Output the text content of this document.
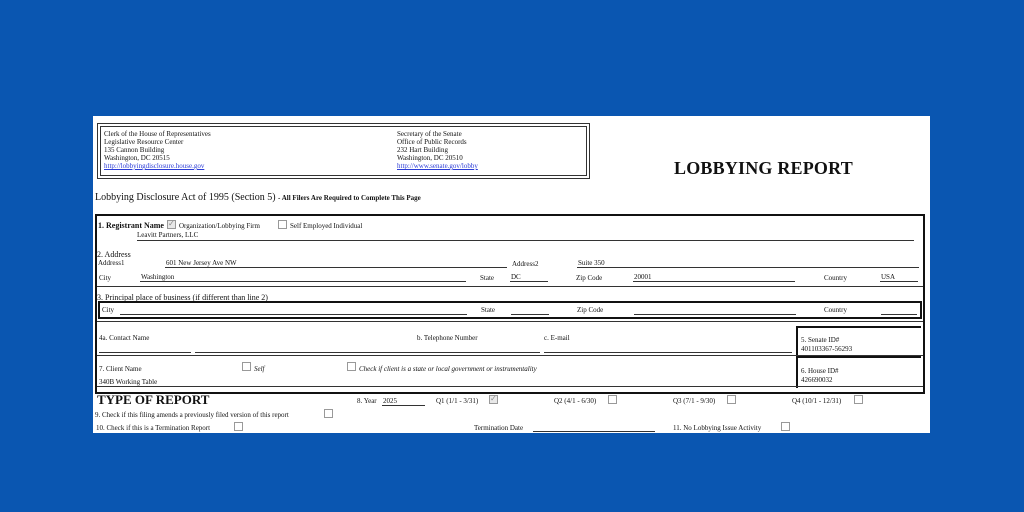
Clerk of the House of Representatives
Legislative Resource Center
135 Cannon Building
Washington, DC 20515
http://lobbyingdisclosure.house.gov
Secretary of the Senate
Office of Public Records
232 Hart Building
Washington, DC 20510
http://www.senate.gov/lobby	LOBBYING REPORT
Lobbying Disclosure Act of 1995 (Section 5) - All Filers Are Required to Complete This Page
1. Registrant Name ✓ Organization/Lobbying Firm	Self Employed Individual
Leavitt Partners, LLC
2. Address
Address1	601 New Jersey Ave NW	Address2	Suite 350
City	Washington	State DC	Zip Code	20001	Country	USA
3. Principal place of business (if different than line 2)
City	State	Zip Code	Country
4a. Contact Name	b. Telephone Number	c. E-mail	5. Senate ID#
401103367-56293
6. House ID#
426690032
7. Client Name	Self	Check if client is a state or local government or instrumentality
340B Working Table
TYPE OF REPORT	8. Year 2025	Q1 (1/1 - 3/31) ✓	Q2 (4/1 - 6/30)	Q3 (7/1 - 9/30)	Q4 (10/1 - 12/31)
9. Check if this filing amends a previously filed version of this report
10. Check if this is a Termination Report	Termination Date	11. No Lobbying Issue Activity
